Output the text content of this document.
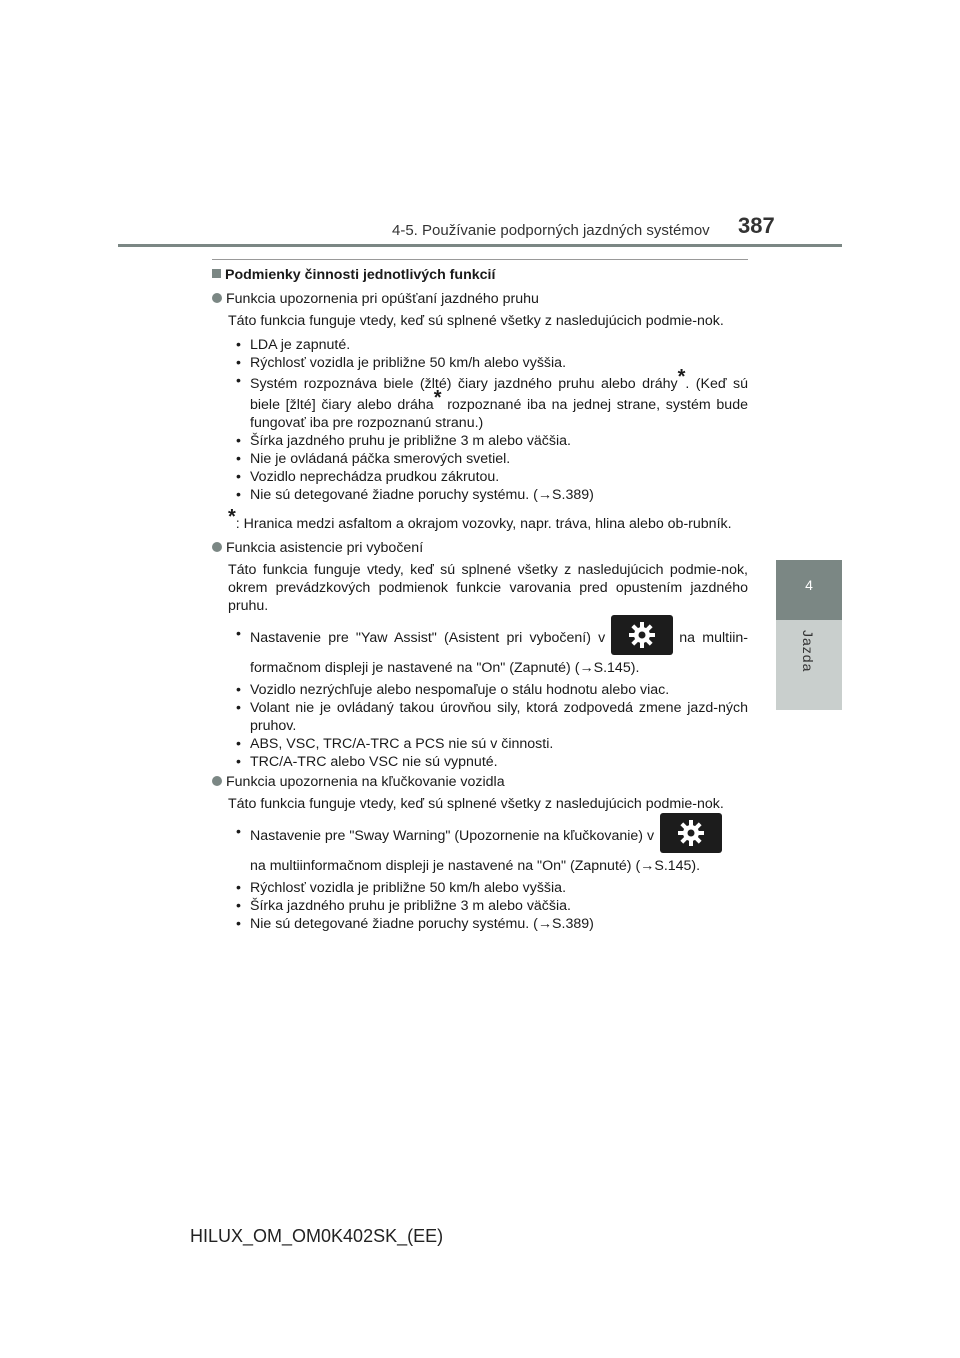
4-5. Používanie podporných jazdných systémov 387
4
Jazda
Podmienky činnosti jednotlivých funkcií
Funkcia upozornenia pri opúšťaní jazdného pruhu

Táto funkcia funguje vtedy, keď sú splnené všetky z nasledujúcich podmie-nok.

• LDA je zapnuté.
• Rýchlosť vozidla je približne 50 km/h alebo vyššia.
• Systém rozpoznáva biele (žlté) čiary jazdného pruhu alebo dráhy*. (Keď sú biele [žlté] čiary alebo dráha* rozpoznané iba na jednej strane, systém bude fungovať iba pre rozpoznanú stranu.)
• Šírka jazdného pruhu je približne 3 m alebo väčšia.
• Nie je ovládaná páčka smerových svetiel.
• Vozidlo neprechádza prudkou zákrutou.
• Nie sú detegované žiadne poruchy systému. (→S.389)

*: Hranica medzi asfaltom a okrajom vozovky, napr. tráva, hlina alebo ob-rubník.

Funkcia asistencie pri vybočení

Táto funkcia funguje vtedy, keď sú splnené všetky z nasledujúcich podmie-nok, okrem prevádzkových podmienok funkcie varovania pred opustením jazdného pruhu.

• Nastavenie pre "Yaw Assist" (Asistent pri vybočení) v	na multiin-formačnom displeji je nastavené na "On" (Zapnuté) (→S.145).
• Vozidlo nezrýchľuje alebo nespomaľuje o stálu hodnotu alebo viac.
• Volant nie je ovládaný takou úrovňou sily, ktorá zodpovedá zmene jazd-ných pruhov.
• ABS, VSC, TRC/A-TRC a PCS nie sú v činnosti.
• TRC/A-TRC alebo VSC nie sú vypnuté.
Funkcia upozornenia na kľučkovanie vozidla

Táto funkcia funguje vtedy, keď sú splnené všetky z nasledujúcich podmie-nok.

• Nastavenie pre "Sway Warning" (Upozornenie na kľučkovanie) v

na multiinformačnom displeji je nastavené na "On" (Zapnuté) (→S.145).
• Rýchlosť vozidla je približne 50 km/h alebo vyššia.
• Šírka jazdného pruhu je približne 3 m alebo väčšia.
• Nie sú detegované žiadne poruchy systému. (→S.389)
HILUX_OM_OM0K402SK_(EE)
